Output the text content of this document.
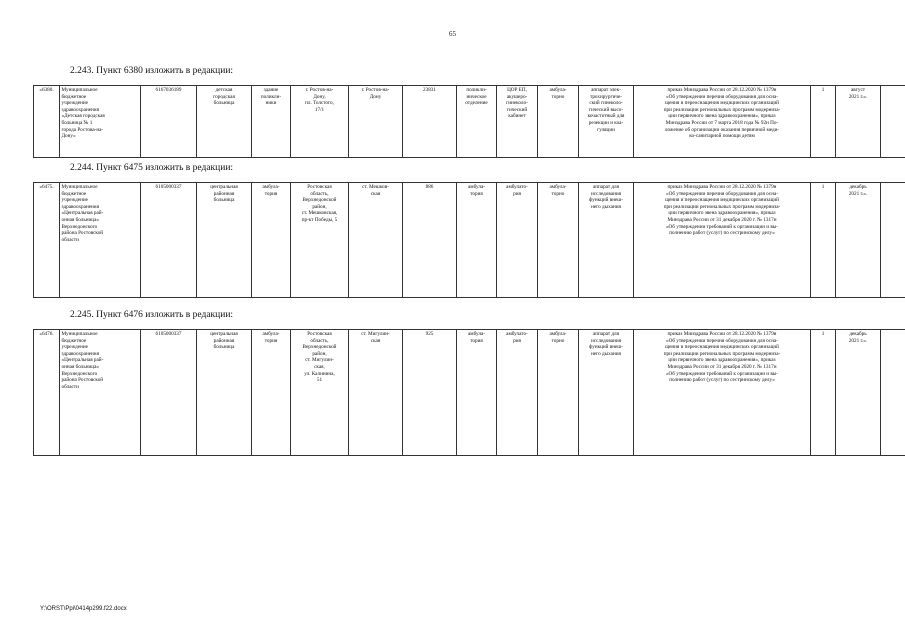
65
2.243. Пункт 6380 изложить в редакции:
«6380.	Муниципальное
бюджетное
учреждение
здравоохранения
«Детская городская
больница № 1
города Ростова-на-
Дону»	6167036189	детская
городская
больница	здание
поликли-
ники	г. Ростов-на-
Дону,
пл. Толстого,
17/1	г. Ростов-на-
Дону	23831	поликли-
ническое
отделение	ЦОР ЕП,
акушеро-
гинеколо-
гический
кабинет	амбула-
торно	аппарат элек-
трохирургиче-
ский гинеколо-
гический высо-
кочастотный для
резекции и коа-
гуляции	приказ Минздрава России от 28.12.2020 № 1379н
«Об утверждении перечня оборудования для осна-
щения и переоснащения медицинских организаций
при реализации региональных программ модерниза-
ции первичного звена здравоохранения», приказ
Минздрава России от 7 марта 2018 года № 92н По-
ложение об организации оказания первичной меди-
ко-санитарной помощи детям	1	август
2021 г.».	
2.244. Пункт 6475 изложить в редакции:
«6475.	Муниципальное
бюджетное
учреждение
здравоохранения
«Центральная рай-
онная больница»
Верхнедонского
района Ростовской
области	6105000337	центральная
районная
больница	амбула-
тория	Ростовская
область,
Верхнедонской
район,
ст. Мешковская,
пр-кт Победы, 5	ст. Мешков-
ская	886	амбула-
тория	амбулато-
рия	амбула-
торно	аппарат для
исследования
функций внеш-
него дыхания	приказ Минздрава России от 28.12.2020 № 1379н
«Об утверждении перечня оборудования для осна-
щения и переоснащения медицинских организаций
при реализации региональных программ модерниза-
ции первичного звена здравоохранения», приказ
Минздрава России от 31 декабря 2020 г. № 1317н
«Об утверждении требований к организации и вы-
полнению работ (услуг) по сестринскому делу»	1	декабрь
2021 г.».	
2.245. Пункт 6476 изложить в редакции:
«6476.	Муниципальное
бюджетное
учреждение
здравоохранения
«Центральная рай-
онная больница»
Верхнедонского
района Ростовской
области	6105000337	центральная
районная
больница	амбула-
тория	Ростовская
область,
Верхнедонской
район,
ст. Мигулин-
ская,
ул. Калинина,
51	ст. Мигулин-
ская	925	амбула-
тория	амбулато-
рия	амбула-
торно	аппарат для
исследования
функций внеш-
него дыхания	приказ Минздрава России от 28.12.2020 № 1379н
«Об утверждении перечня оборудования для осна-
щения и переоснащения медицинских организаций
при реализации региональных программ модерниза-
ции первичного звена здравоохранения», приказ
Минздрава России от 31 декабря 2020 г. № 1317н
«Об утверждении требований к организации и вы-
полнению работ (услуг) по сестринскому делу»	1	декабрь
2021 г.».	
Y:\ORST\Ppi\0414p299.f22.docx
